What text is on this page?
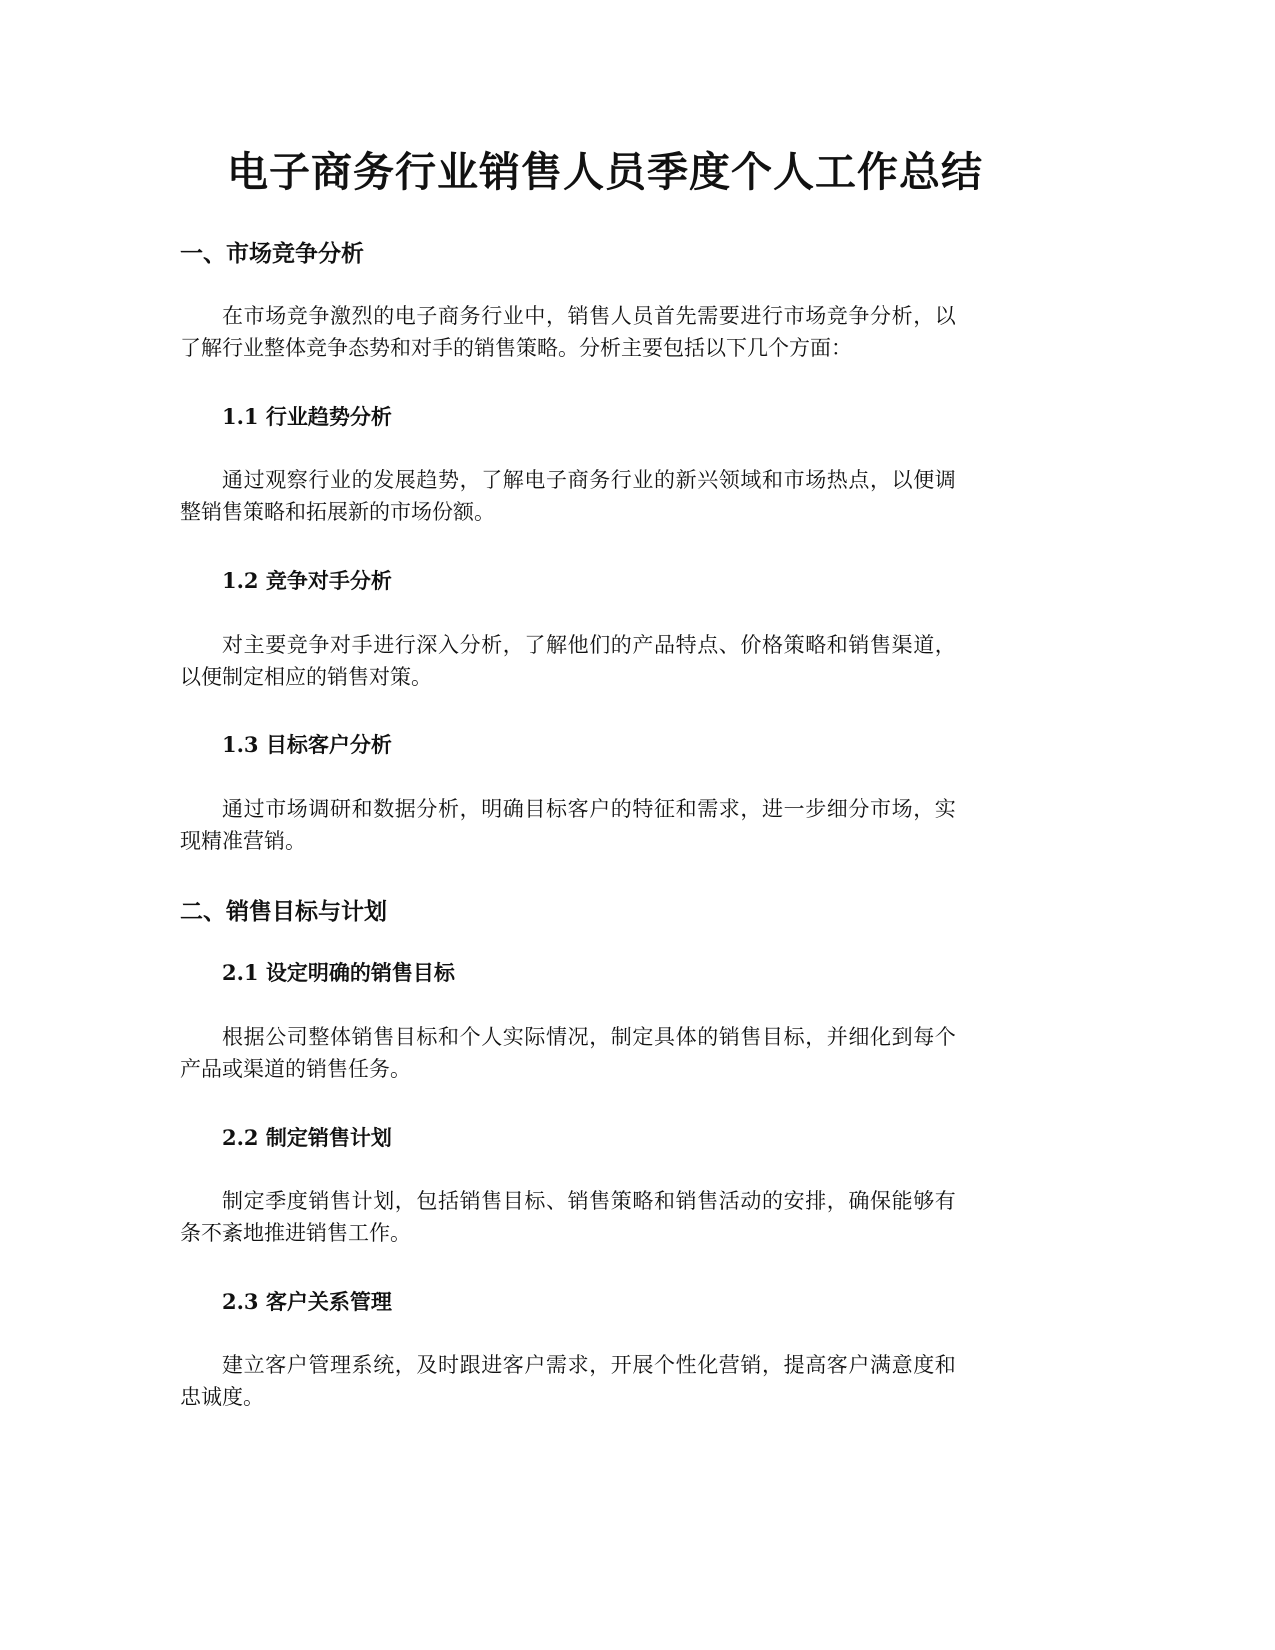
电子商务行业销售人员季度个人工作总结
一、市场竞争分析

在市场竞争激烈的电子商务行业中，销售人员首先需要进行市场竞争分析，以
了解行业整体竞争态势和对手的销售策略。分析主要包括以下几个方面：

1.1 行业趋势分析

通过观察行业的发展趋势，了解电子商务行业的新兴领域和市场热点，以便调
整销售策略和拓展新的市场份额。

1.2 竞争对手分析

对主要竞争对手进行深入分析，了解他们的产品特点、价格策略和销售渠道，
以便制定相应的销售对策。

1.3 目标客户分析

通过市场调研和数据分析，明确目标客户的特征和需求，进一步细分市场，实
现精准营销。

二、销售目标与计划
2.1 设定明确的销售目标

根据公司整体销售目标和个人实际情况，制定具体的销售目标，并细化到每个
产品或渠道的销售任务。

2.2 制定销售计划

制定季度销售计划，包括销售目标、销售策略和销售活动的安排，确保能够有
条不紊地推进销售工作。

2.3 客户关系管理

建立客户管理系统，及时跟进客户需求，开展个性化营销，提高客户满意度和
忠诚度。
